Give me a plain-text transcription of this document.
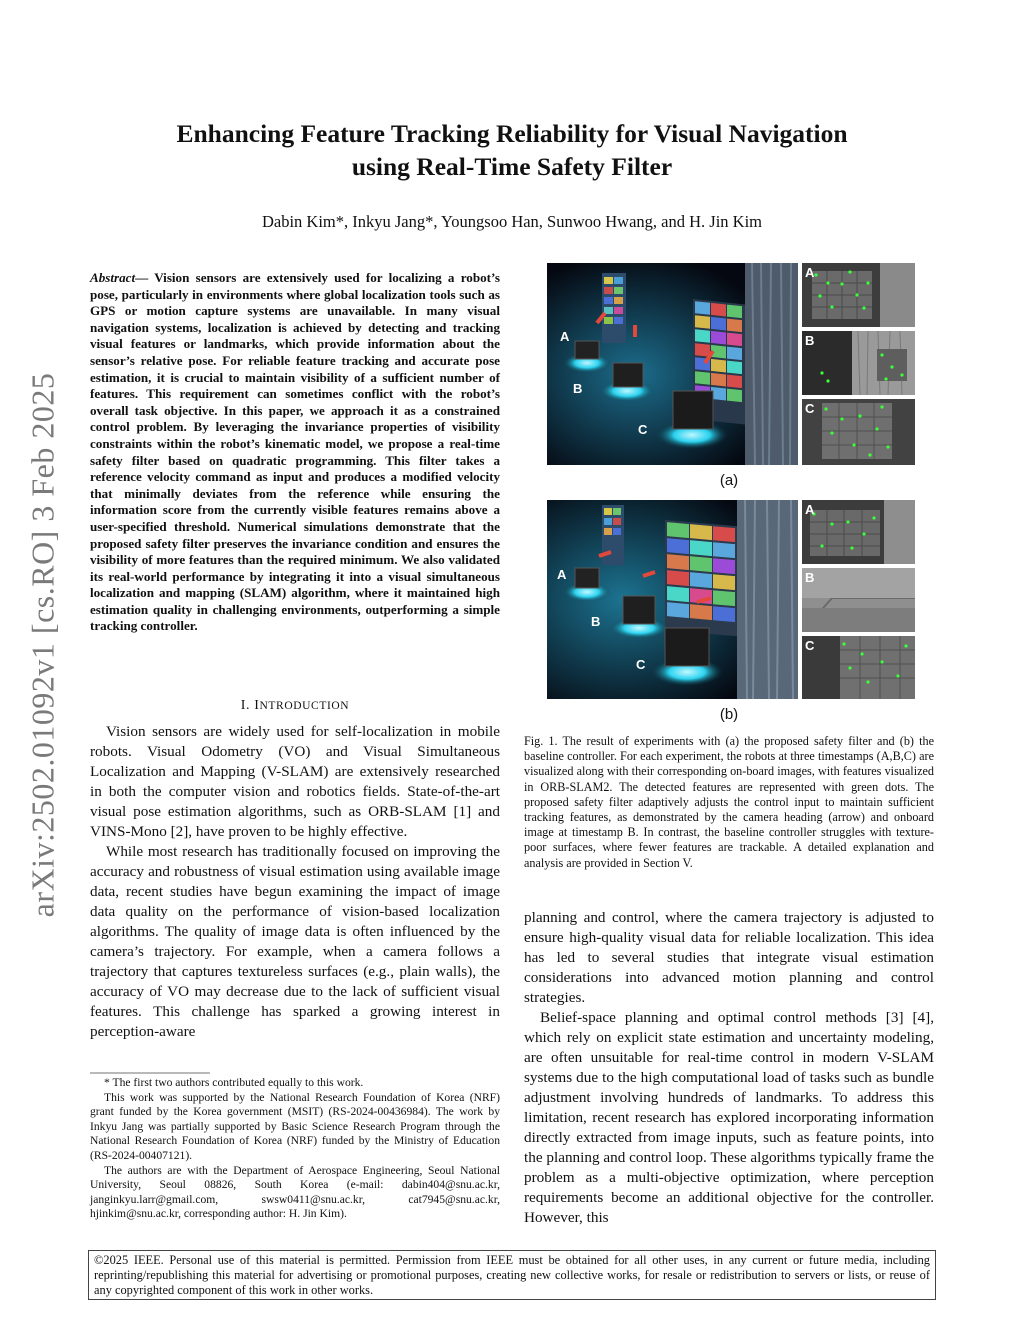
Enhancing Feature Tracking Reliability for Visual Navigation
using Real-Time Safety Filter
Dabin Kim*, Inkyu Jang*, Youngsoo Han, Sunwoo Hwang, and H. Jin Kim
arXiv:2502.01092v1 [cs.RO] 3 Feb 2025
Abstract— Vision sensors are extensively used for localizing a robot’s pose, particularly in environments where global localization tools such as GPS or motion capture systems are unavailable. In many visual navigation systems, localization is achieved by detecting and tracking visual features or landmarks, which provide information about the sensor’s relative pose. For reliable feature tracking and accurate pose estimation, it is crucial to maintain visibility of a sufficient number of features. This requirement can sometimes conflict with the robot’s overall task objective. In this paper, we approach it as a constrained control problem. By leveraging the invariance properties of visibility constraints within the robot’s kinematic model, we propose a real-time safety filter based on quadratic programming. This filter takes a reference velocity command as input and produces a modified velocity that minimally deviates from the reference while ensuring the information score from the currently visible features remains above a user-specified threshold. Numerical simulations demonstrate that the proposed safety filter preserves the invariance condition and ensures the visibility of more features than the required minimum. We also validated its real-world performance by integrating it into a visual simultaneous localization and mapping (SLAM) algorithm, where it maintained high estimation quality in challenging environments, outperforming a simple tracking controller.
I. INTRODUCTION

Vision sensors are widely used for self-localization in mobile robots. Visual Odometry (VO) and Visual Simultaneous Localization and Mapping (V-SLAM) are extensively researched in both the computer vision and robotics fields. State-of-the-art visual pose estimation algorithms, such as ORB-SLAM [1] and VINS-Mono [2], have proven to be highly effective.

While most research has traditionally focused on improving the accuracy and robustness of visual estimation using available image data, recent studies have begun examining the impact of image data quality on the performance of vision-based localization algorithms. The quality of image data is often influenced by the camera’s trajectory. For example, when a camera follows a trajectory that captures textureless surfaces (e.g., plain walls), the accuracy of VO may decrease due to the lack of sufficient visual features. This challenge has sparked a growing interest in perception-aware

* The first two authors contributed equally to this work.

This work was supported by the National Research Foundation of Korea (NRF) grant funded by the Korea government (MSIT) (RS-2024-00436984). The work by Inkyu Jang was partially supported by Basic Science Research Program through the National Research Foundation of Korea (NRF) funded by the Ministry of Education (RS-2024-00407121).

The authors are with the Department of Aerospace Engineering, Seoul National University, Seoul 08826, South Korea (e-mail: dabin404@snu.ac.kr, janginkyu.larr@gmail.com, swsw0411@snu.ac.kr, cat7945@snu.ac.kr, hjinkim@snu.ac.kr, corresponding author: H. Jin Kim).

A
B
C
A
B
C
(a)
A
B
C
A
B
C
(b)
Fig. 1. The result of experiments with (a) the proposed safety filter and (b) the baseline controller. For each experiment, the robots at three timestamps (A,B,C) are visualized along with their corresponding on-board images, with features visualized in ORB-SLAM2. The detected features are represented with green dots. The proposed safety filter adaptively adjusts the control input to maintain sufficient tracking features, as demonstrated by the camera heading (arrow) and onboard image at timestamp B. In contrast, the baseline controller struggles with texture-poor surfaces, where fewer features are trackable. A detailed explanation and analysis are provided in Section V.

planning and control, where the camera trajectory is adjusted to ensure high-quality visual data for reliable localization. This idea has led to several studies that integrate visual estimation considerations into advanced motion planning and control strategies.

Belief-space planning and optimal control methods [3] [4], which rely on explicit state estimation and uncertainty modeling, are often unsuitable for real-time control in modern V-SLAM systems due to the high computational load of tasks such as bundle adjustment involving hundreds of landmarks. To address this limitation, recent research has explored incorporating information directly extracted from image inputs, such as feature points, into the planning and control loop. These algorithms typically frame the problem as a multi-objective optimization, where perception requirements become an additional objective for the controller. However, this

©2025 IEEE. Personal use of this material is permitted. Permission from IEEE must be obtained for all other uses, in any current or future media, including reprinting/republishing this material for advertising or promotional purposes, creating new collective works, for resale or redistribution to servers or lists, or reuse of any copyrighted component of this work in other works.
